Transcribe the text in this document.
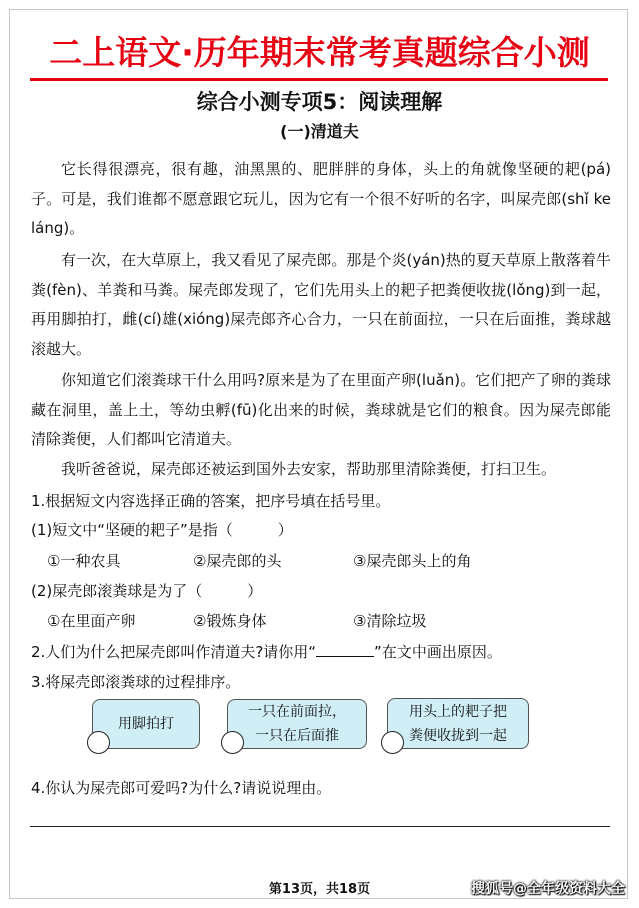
二上语文·历年期末常考真题综合小测
综合小测专项5：阅读理解
(一)清道夫

它长得很漂亮，很有趣，油黑黑的、肥胖胖的身体，头上的角就像坚硬的耙(pá)子。可是，我们谁都不愿意跟它玩儿，因为它有一个很不好听的名字，叫屎壳郎(shǐ ke láng)。

有一次，在大草原上，我又看见了屎壳郎。那是个炎(yán)热的夏天草原上散落着牛粪(fèn)、羊粪和马粪。屎壳郎发现了，它们先用头上的耙子把粪便收拢(lǒng)到一起，再用脚拍打，雌(cí)雄(xióng)屎壳郎齐心合力，一只在前面拉，一只在后面推，粪球越滚越大。

你知道它们滚粪球干什么用吗?原来是为了在里面产卵(luǎn)。它们把产了卵的粪球藏在洞里，盖上土，等幼虫孵(fū)化出来的时候，粪球就是它们的粮食。因为屎壳郎能清除粪便，人们都叫它清道夫。

我听爸爸说，屎壳郎还被运到国外去安家，帮助那里清除粪便，打扫卫生。

1.根据短文内容选择正确的答案，把序号填在括号里。
(1)短文中“坚硬的耙子”是指（　　　）
①一种农具	②屎壳郎的头	③屎壳郎头上的角
(2)屎壳郎滚粪球是为了（　　　）
①在里面产卵	②锻炼身体	③清除垃圾
2.人们为什么把屎壳郎叫作清道夫?请你用“	”在文中画出原因。
3.将屎壳郎滚粪球的过程排序。
用脚拍打
一只在前面拉，
一只在后面推
用头上的耙子把
粪便收拢到一起
4.你认为屎壳郎可爱吗?为什么?请说说理由。
第13页，共18页	搜狐号@全年级资料大全
